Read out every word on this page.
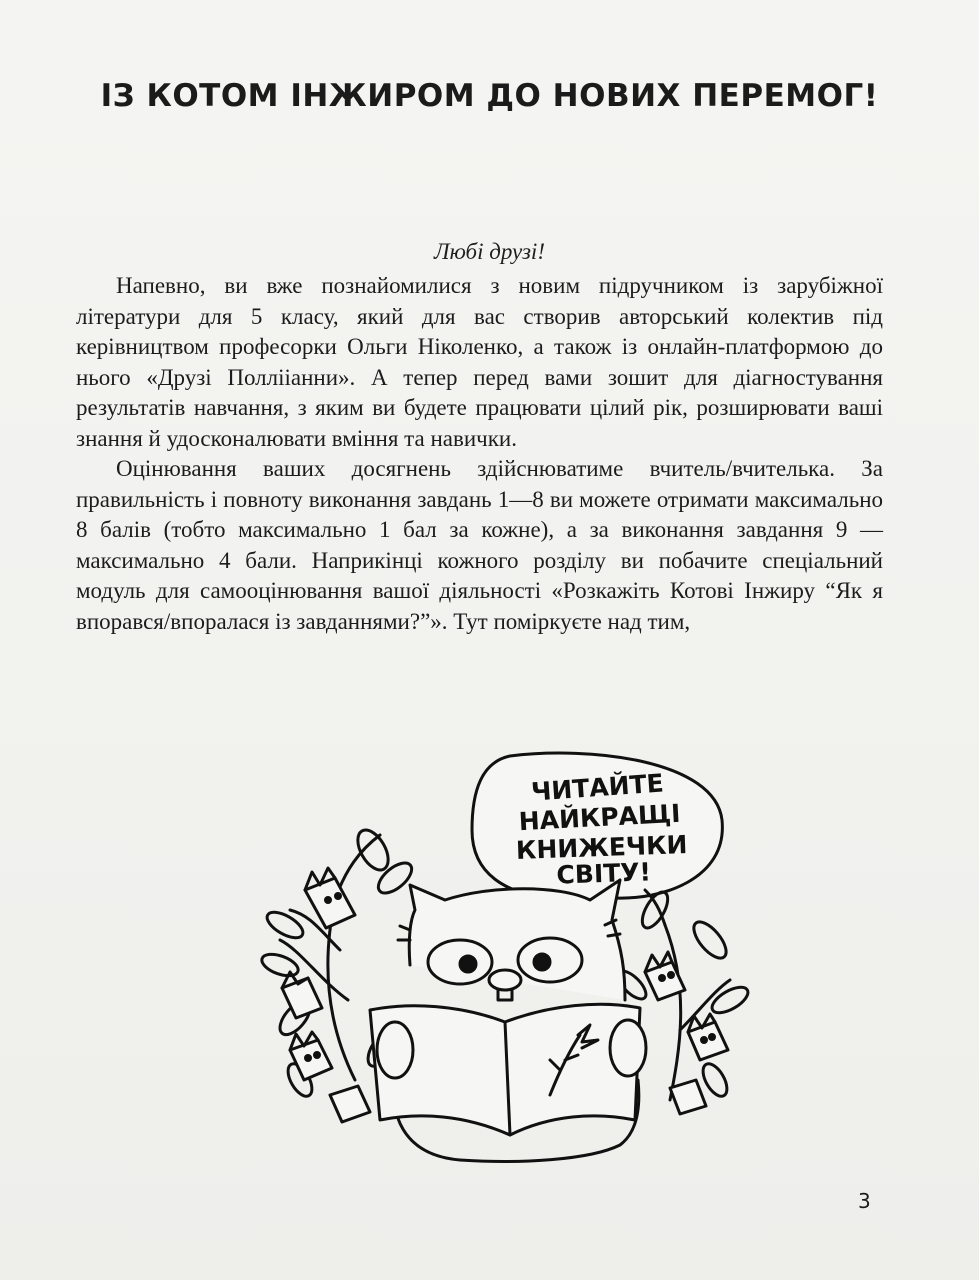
ІЗ КОТОМ ІНЖИРОМ ДО НОВИХ ПЕРЕМОГ!

Любі друзі!

Напевно, ви вже познайомилися з новим підручником із зарубіжної літератури для 5 класу, який для вас створив авторський колектив під керівництвом професорки Ольги Ніколенко, а також із онлайн-платформою до нього «Друзі Поллііанни». А тепер перед вами зошит для діагностування результатів навчання, з яким ви будете працювати цілий рік, розширювати ваші знання й удосконалювати вміння та навички.

Оцінювання ваших досягнень здійснюватиме вчитель/вчителька. За правильність і повноту виконання завдань 1—8 ви можете отримати максимально 8 балів (тобто максимально 1 бал за кожне), а за виконання завдання 9 — максимально 4 бали. Наприкінці кожного розділу ви побачите спеціальний модуль для самооцінювання вашої діяльності «Розкажіть Котові Інжиру “Як я впорався/впоралася із завданнями?”». Тут поміркуєте над тим,

ЧИТАЙТЕ
НАЙКРАЩІ
КНИЖЕЧКИ
СВІТУ!
3
